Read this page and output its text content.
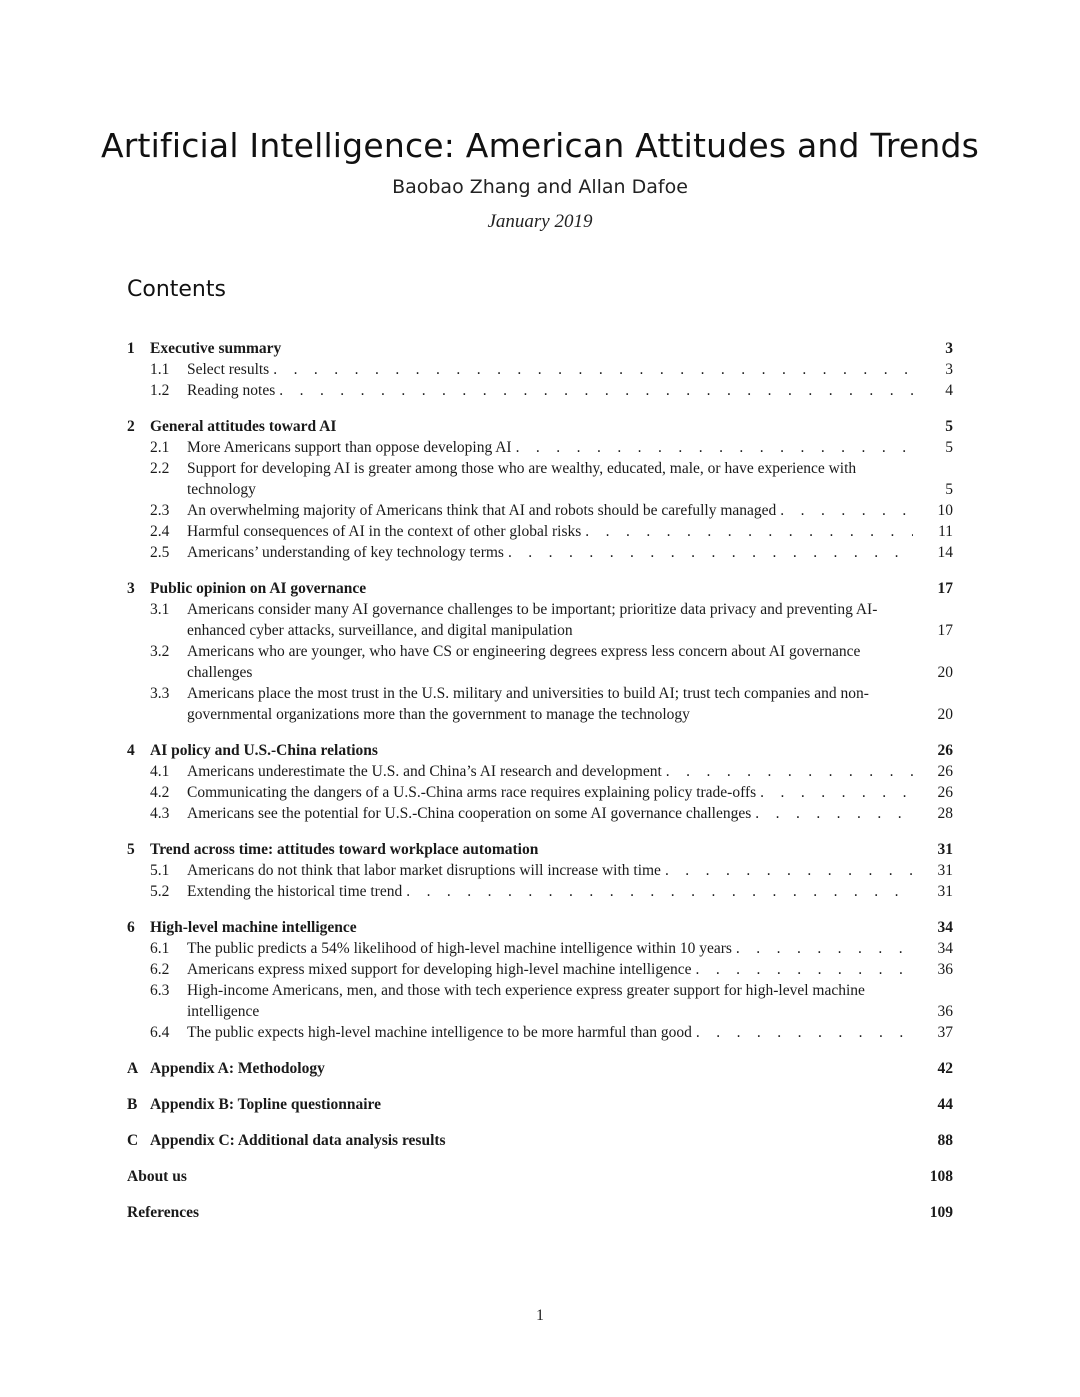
Artificial Intelligence: American Attitudes and Trends
Baobao Zhang and Allan Dafoe
January 2019
Contents
1 Executive summary	3
1.1	Select results . . .	3
1.2	Reading notes . . .	4
2 General attitudes toward AI	5
2.1	More Americans support than oppose developing AI . . .	5
2.2	Support for developing AI is greater among those who are wealthy, educated, male, or have experience with technology . . .	5
2.3	An overwhelming majority of Americans think that AI and robots should be carefully managed . . .	10
2.4	Harmful consequences of AI in the context of other global risks . . .	11
2.5	Americans’ understanding of key technology terms . . .	14
3 Public opinion on AI governance	17
3.1	Americans consider many AI governance challenges to be important; prioritize data privacy and preventing AI-enhanced cyber attacks, surveillance, and digital manipulation . . .	17
3.2	Americans who are younger, who have CS or engineering degrees express less concern about AI governance challenges . . .	20
3.3	Americans place the most trust in the U.S. military and universities to build AI; trust tech companies and non-governmental organizations more than the government to manage the technology . . .	20
4 AI policy and U.S.-China relations	26
4.1	Americans underestimate the U.S. and China’s AI research and development . . .	26
4.2	Communicating the dangers of a U.S.-China arms race requires explaining policy trade-offs . . .	26
4.3	Americans see the potential for U.S.-China cooperation on some AI governance challenges . . .	28
5 Trend across time: attitudes toward workplace automation	31
5.1	Americans do not think that labor market disruptions will increase with time . . .	31
5.2	Extending the historical time trend . . .	31
6 High-level machine intelligence	34
6.1	The public predicts a 54% likelihood of high-level machine intelligence within 10 years . . .	34
6.2	Americans express mixed support for developing high-level machine intelligence . . .	36
6.3	High-income Americans, men, and those with tech experience express greater support for high-level machine intelligence . . .	36
6.4	The public expects high-level machine intelligence to be more harmful than good . . .	37
A Appendix A: Methodology	42
B Appendix B: Topline questionnaire	44
C Appendix C: Additional data analysis results	88
About us	108
References	109
1
